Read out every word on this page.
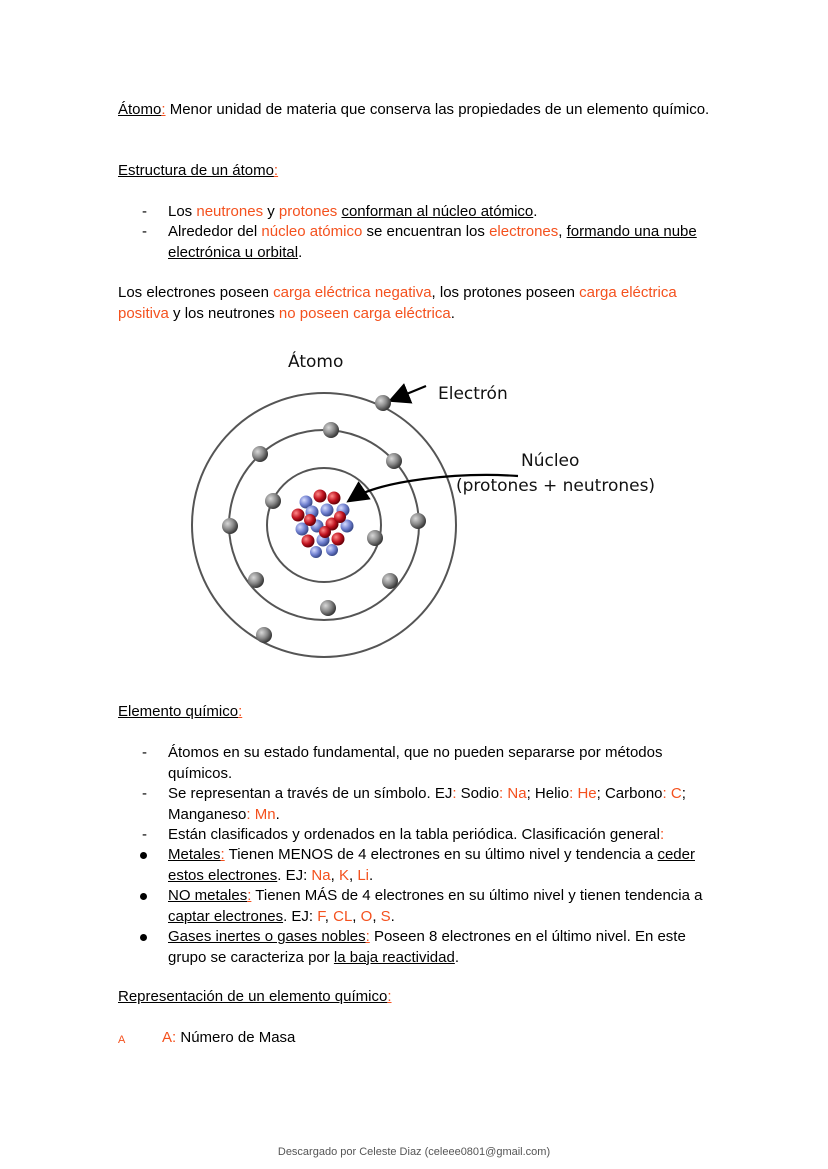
Átomo: Menor unidad de materia que conserva las propiedades de un elemento químico.
Estructura de un átomo:
- Los neutrones y protones conforman al núcleo atómico.
- Alrededor del núcleo atómico se encuentran los electrones, formando una nube electrónica u orbital.
Los electrones poseen carga eléctrica negativa, los protones poseen carga eléctrica positiva y los neutrones no poseen carga eléctrica.
Átomo
Electrón
Núcleo
(protones + neutrones)
Elemento químico:
- Átomos en su estado fundamental, que no pueden separarse por métodos químicos.
- Se representan a través de un símbolo. EJ: Sodio: Na; Helio: He; Carbono: C; Manganeso: Mn.
- Están clasificados y ordenados en la tabla periódica. Clasificación general:
Metales: Tienen MENOS de 4 electrones en su último nivel y tendencia a ceder estos electrones. EJ: Na, K, Li.
NO metales: Tienen MÁS de 4 electrones en su último nivel y tienen tendencia a captar electrones. EJ: F, CL, O, S.
Gases inertes o gases nobles: Poseen 8 electrones en el último nivel. En este grupo se caracteriza por la baja reactividad.
Representación de un elemento químico:
A A: Número de Masa
Descargado por Celeste Diaz (celeee0801@gmail.com)
